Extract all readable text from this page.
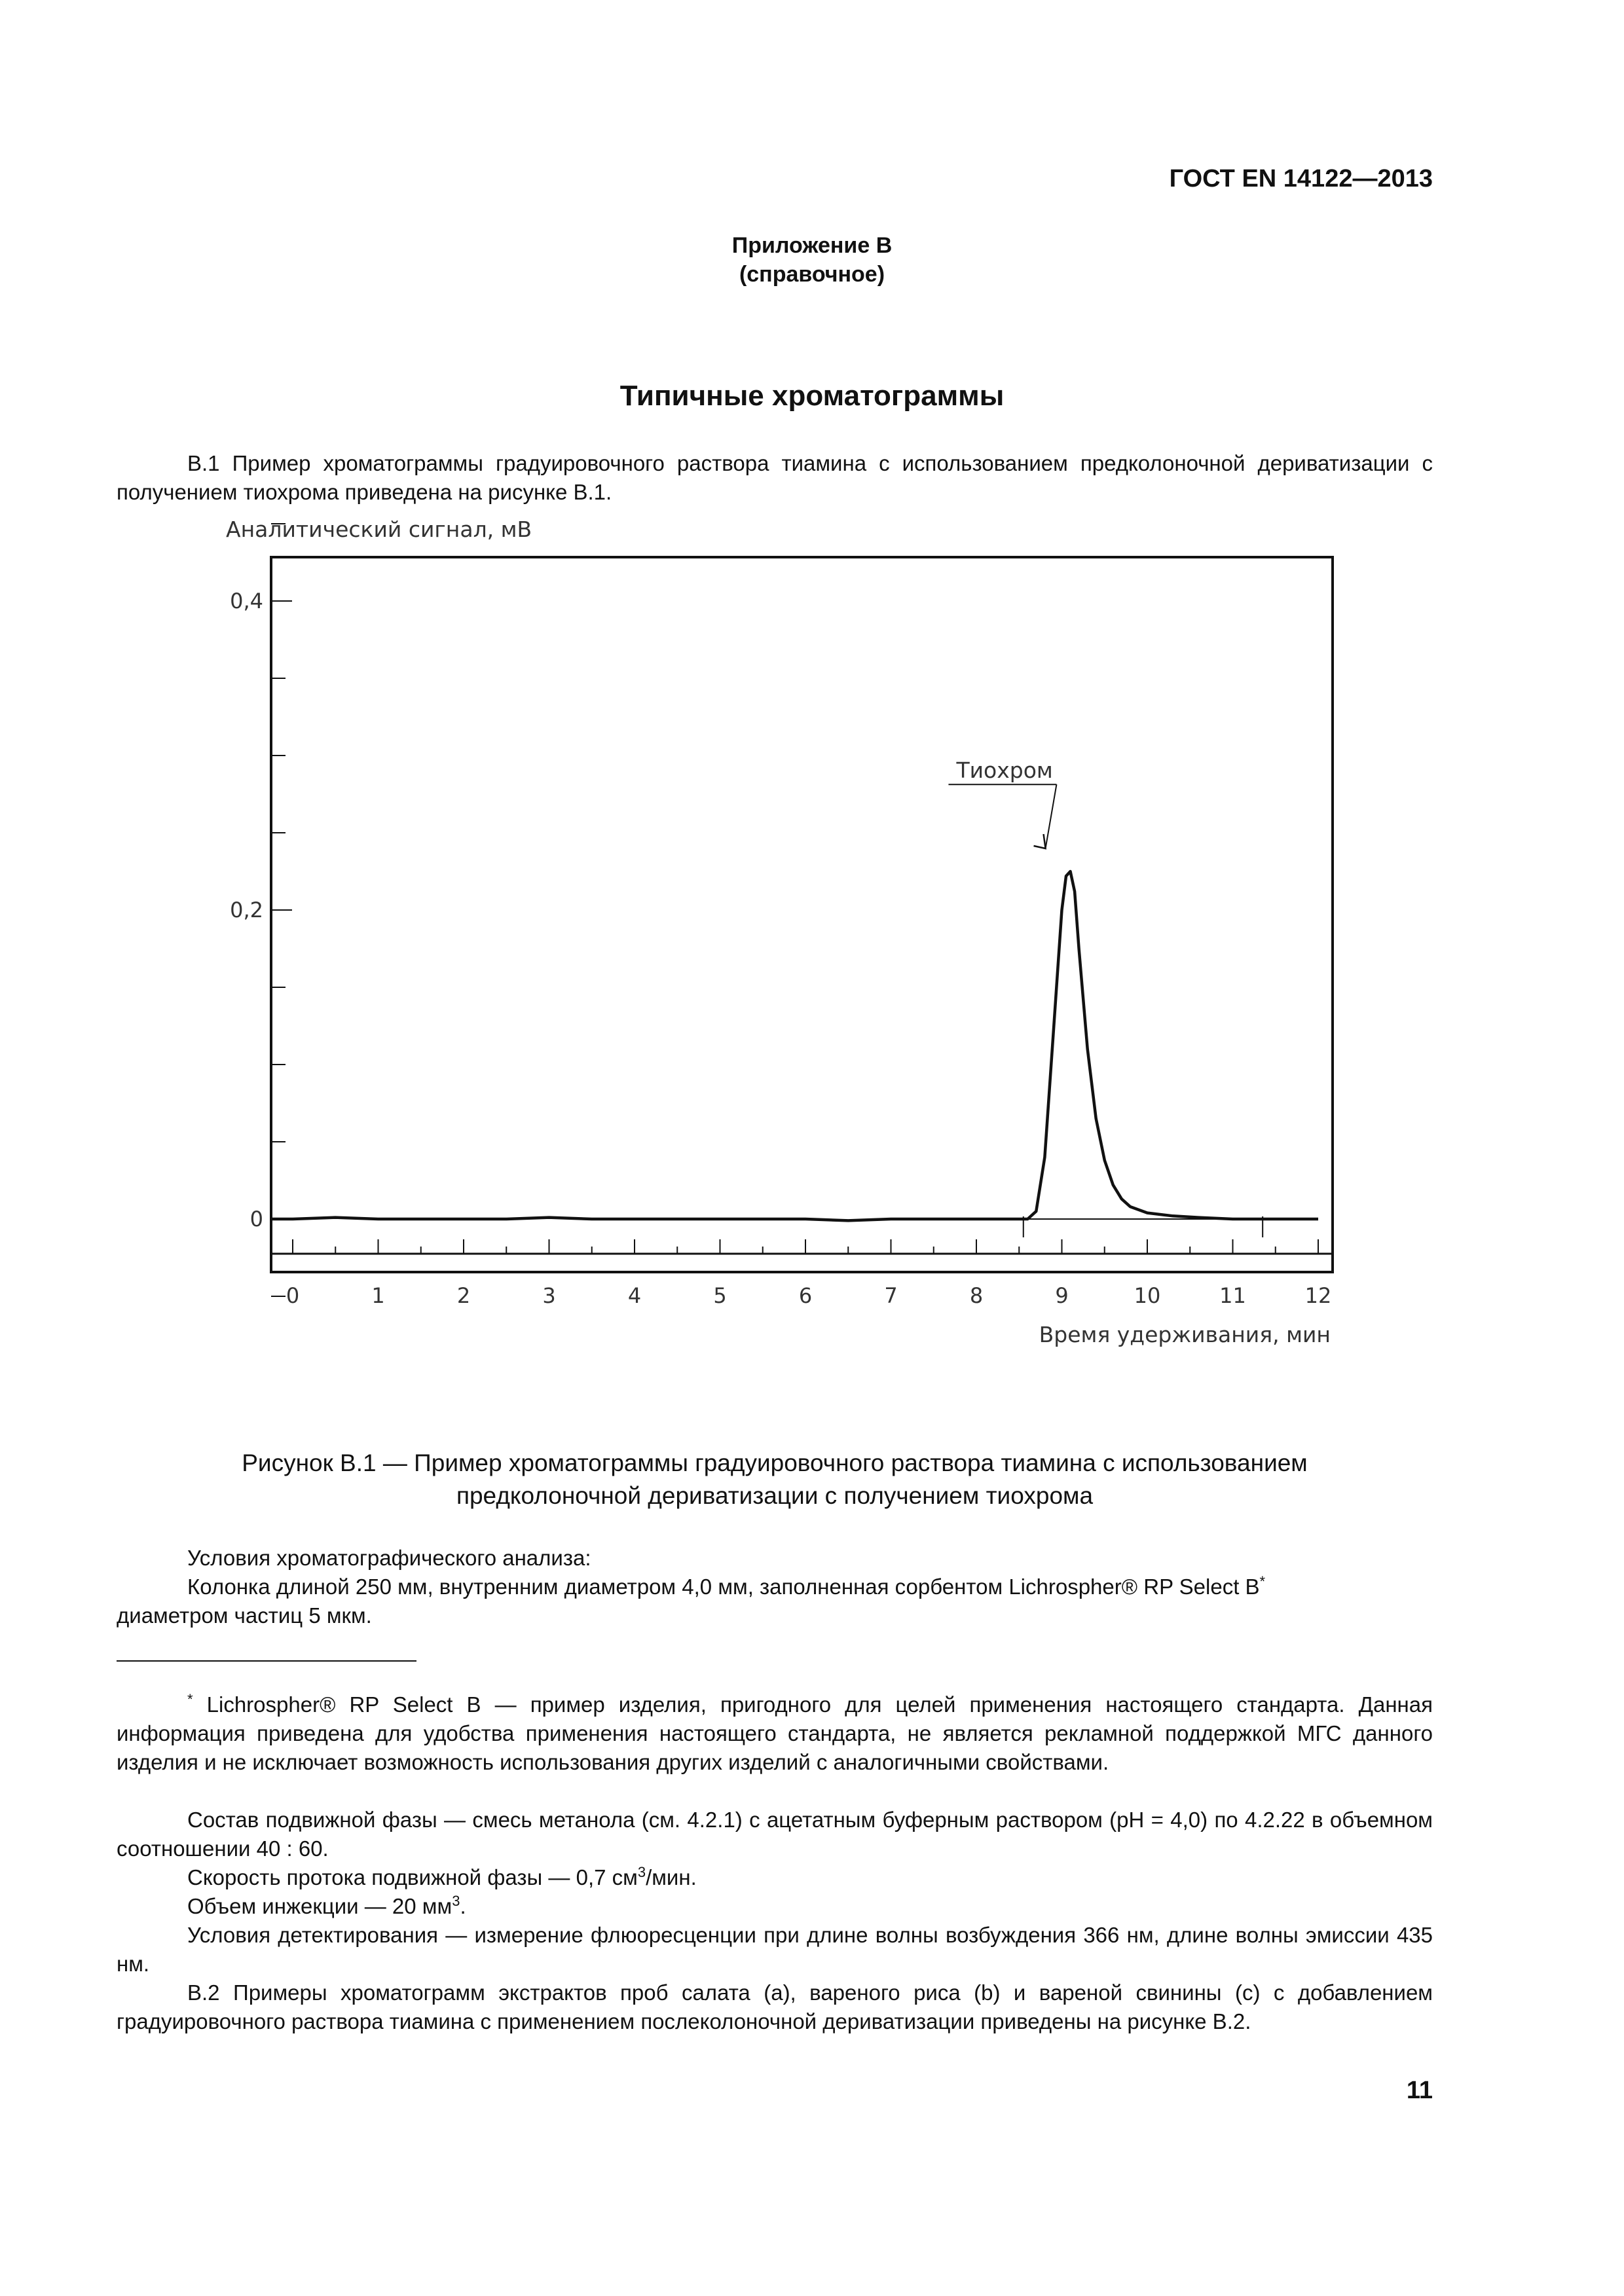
ГОСТ EN 14122—2013
Приложение В
(справочное)
Типичные хроматограммы
В.1 Пример хроматограммы градуировочного раствора тиамина с использованием предколоночной дериватизации с получением тиохрома приведена на рисунке В.1.
Аналитический сигнал, мВ
0
0,2
0,4
0	1	2	3	4	5	6	7	8	9	10	11	12
Тиохром
Время удерживания, мин
Рисунок В.1 — Пример хроматограммы градуировочного раствора тиамина с использованием
предколоночной дериватизации с получением тиохрома
Условия хроматографического анализа:
Колонка длиной 250 мм, внутренним диаметром 4,0 мм, заполненная сорбентом Lichrospher® RP Select B*
диаметром частиц 5 мкм.
* Lichrospher® RP Select B — пример изделия, пригодного для целей применения настоящего стандарта. Данная информация приведена для удобства применения настоящего стандарта, не является рекламной поддержкой МГС данного изделия и не исключает возможность использования других изделий с аналогичными свойствами.
Состав подвижной фазы — смесь метанола (см. 4.2.1) с ацетатным буферным раствором (pH = 4,0) по 4.2.22 в объемном соотношении 40 : 60.
Скорость протока подвижной фазы — 0,7 $см^3$/мин.
Объем инжекции — 20 $мм^3$.
Условия детектирования — измерение флюоресценции при длине волны возбуждения 366 нм, длине волны эмиссии 435 нм.
В.2 Примеры хроматограмм экстрактов проб салата (а), вареного риса (b) и вареной свинины (с) с добавлением градуировочного раствора тиамина с применением послеколоночной дериватизации приведены на рисунке В.2.
11
